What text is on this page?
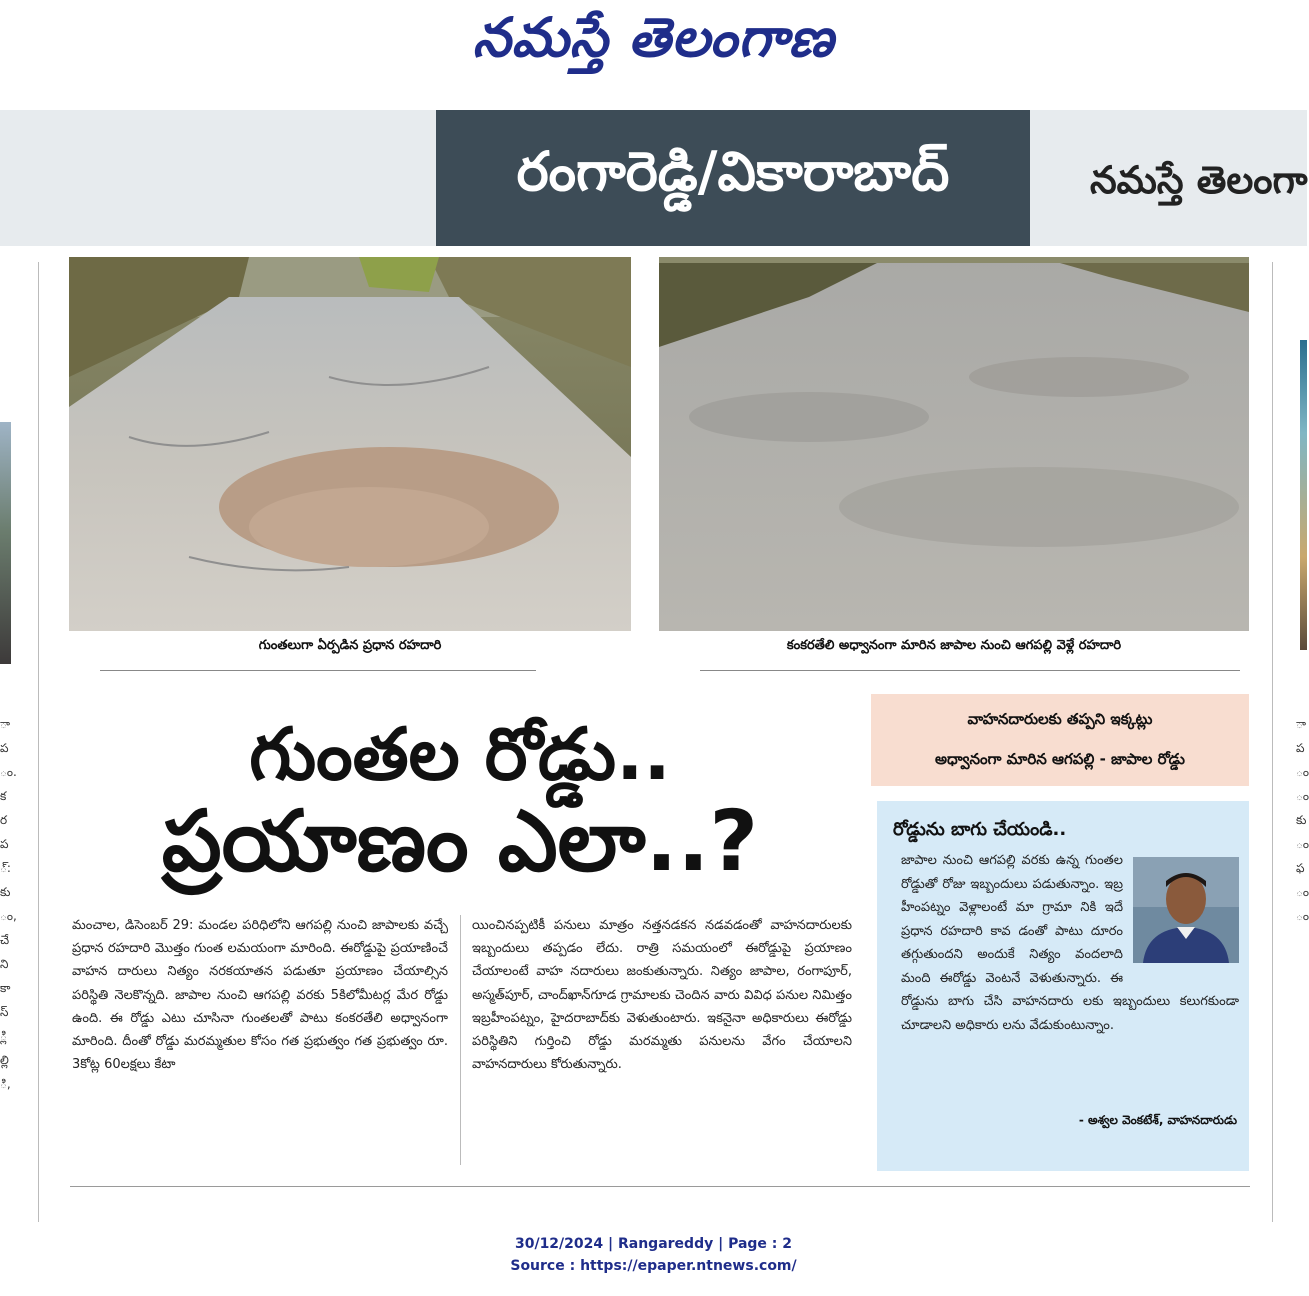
నమస్తే తెలంగాణ
రంగారెడ్డి/వికారాబాద్	నమస్తే తెలంగా
గుంతలుగా ఏర్పడిన ప్రధాన రహదారి	కంకరతేలి అధ్వానంగా మారిన జాపాల నుంచి ఆగపల్లి వెళ్లే రహదారి
గుంతల రోడ్డు..
ప్రయాణం ఎలా..?
వాహనదారులకు తప్పని ఇక్కట్లు
అధ్వానంగా మారిన ఆగపల్లి - జాపాల రోడ్డు
రోడ్డును బాగు చేయండి..
జాపాల నుంచి ఆగపల్లి వరకు ఉన్న గుంతల రోడ్డుతో రోజు ఇబ్బందులు పడుతున్నాం. ఇబ్ర హీంపట్నం వెళ్లాలంటే మా గ్రామా నికి ఇదే ప్రధాన రహదారి కావ డంతో పాటు దూరం తగ్గుతుందని అందుకే నిత్యం వందలాది మంది ఈరోడ్డు వెంటనే వెళుతున్నారు. ఈ రోడ్డును బాగు చేసి వాహనదారు లకు ఇబ్బందులు కలుగకుండా చూడాలని అధికారు లను వేడుకుంటున్నాం.
- అశ్వల వెంకటేశ్, వాహనదారుడు
మంచాల, డిసెంబర్ 29: మండల పరిధిలోని ఆగపల్లి నుంచి జాపాలకు వచ్చే ప్రధాన రహదారి మొత్తం గుంత లమయంగా మారింది. ఈరోడ్డుపై ప్రయాణించే వాహన దారులు నిత్యం నరకయాతన పడుతూ ప్రయాణం చేయాల్సిన పరిస్థితి నెలకొన్నది. జాపాల నుంచి ఆగపల్లి వరకు 5కిలోమీటర్ల మేర రోడ్డు ఉంది. ఈ రోడ్డు ఎటు చూసినా గుంతలతో పాటు కంకరతేలి అధ్వానంగా మారింది. దీంతో రోడ్డు మరమ్మతుల కోసం గత ప్రభుత్వం గత ప్రభుత్వం రూ. 3కోట్ల 60లక్షలు కేటా
యించినప్పటికీ పనులు మాత్రం నత్తనడకన నడవడంతో వాహనదారులకు ఇబ్బందులు తప్పడం లేదు. రాత్రి సమయంలో ఈరోడ్డుపై ప్రయాణం చేయాలంటే వాహ నదారులు జంకుతున్నారు. నిత్యం జాపాల, రంగాపూర్, అస్మత్‌పూర్, చాంద్‌ఖాన్‌గూడ గ్రామాలకు చెందిన వారు వివిధ పనుల నిమిత్తం ఇబ్రహీంపట్నం, హైదరాబాద్‌కు వెళుతుంటారు. ఇకనైనా అధికారులు ఈరోడ్డు పరిస్థితిని గుర్తించి రోడ్డు మరమ్మతు పనులను వేగం చేయాలని వాహనదారులు కోరుతున్నారు.
ా
ప
ం.
క
ర
ప
్:
కు
ం,
చే
ని
కా
స్
్లి
ల్లి
ి,
ా
ప
ం
ం
కు
ం
ఫ
ం
ం
30/12/2024 | Rangareddy | Page : 2
Source : https://epaper.ntnews.com/
